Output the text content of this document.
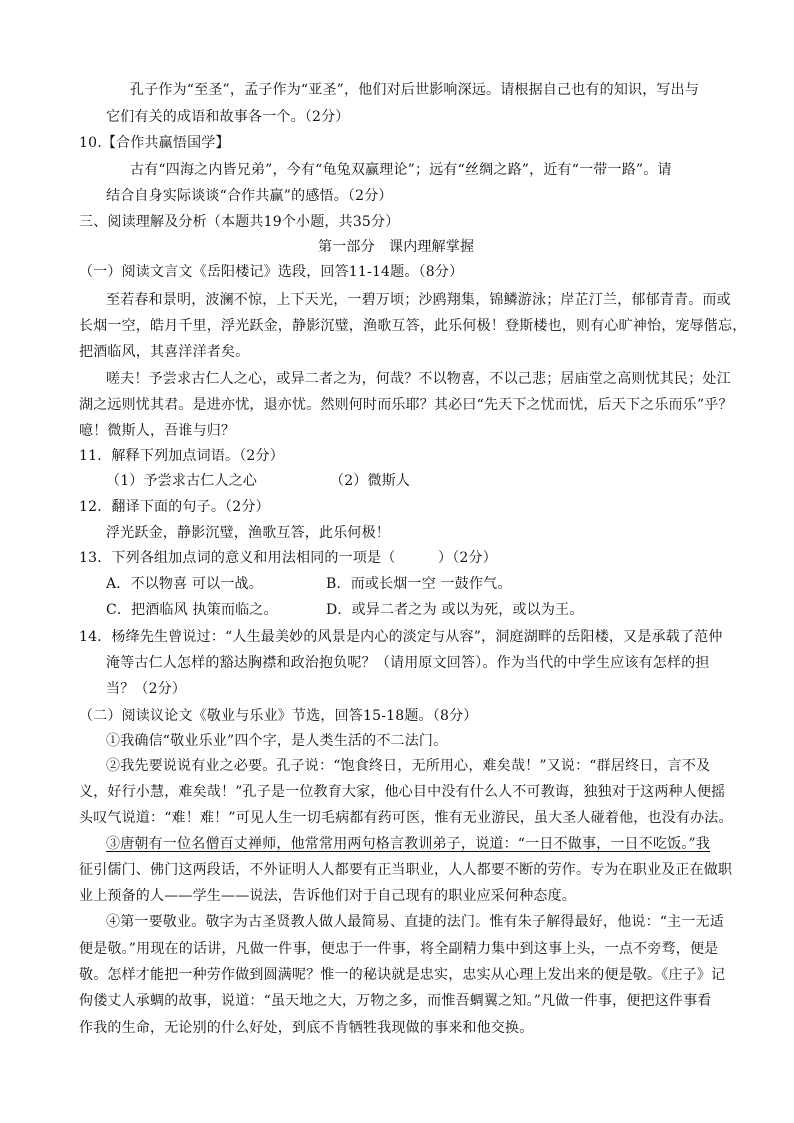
孔子作为“至圣”，孟子作为“亚圣”，他们对后世影响深远。请根据自己也有的知识，写出与
它们有关的成语和故事各一个。（2分）
10.【合作共赢悟国学】
古有“四海之内皆兄弟”，今有“龟兔双赢理论”；远有“丝绸之路”，近有“一带一路”。请
结合自身实际谈谈“合作共赢”的感悟。（2分）
三、阅读理解及分析（本题共19个小题，共35分）
第一部分　课内理解掌握
（一）阅读文言文《岳阳楼记》选段，回答11-14题。（8分）
至若春和景明，波澜不惊，上下天光，一碧万顷；沙鸥翔集，锦鳞游泳；岸芷汀兰，郁郁青青。而或
长烟一空，皓月千里，浮光跃金，静影沉璧，渔歌互答，此乐何极！登斯楼也，则有心旷神怡，宠辱偕忘，
把酒临风，其喜洋洋者矣。
嗟夫！予尝求古仁人之心，或异二者之为，何哉？不以物喜，不以己悲；居庙堂之高则忧其民；处江
湖之远则忧其君。是进亦忧，退亦忧。然则何时而乐耶？其必曰“先天下之忧而忧，后天下之乐而乐”乎？
噫！微斯人，吾谁与归？
11．解释下列加点词语。（2分）
（1）予尝求古仁人之心	（2）微斯人
12．翻译下面的句子。（2分）
浮光跃金，静影沉璧，渔歌互答，此乐何极！
13．下列各组加点词的意义和用法相同的一项是（　　　）（2分）
A．不以物喜 可以一战。	B．而或长烟一空 一鼓作气。
C．把酒临风 执策而临之。	D．或异二者之为 或以为死，或以为王。
14．杨绛先生曾说过：“人生最美妙的风景是内心的淡定与从容”，洞庭湖畔的岳阳楼，又是承载了范仲
淹等古仁人怎样的豁达胸襟和政治抱负呢？（请用原文回答）。作为当代的中学生应该有怎样的担
当？（2分）
（二）阅读议论文《敬业与乐业》节选，回答15-18题。（8分）
①我确信“敬业乐业”四个字，是人类生活的不二法门。
②我先要说说有业之必要。孔子说：“饱食终日，无所用心，难矣哉！”又说：“群居终日，言不及
义，好行小慧，难矣哉！”孔子是一位教育大家，他心目中没有什么人不可教诲，独独对于这两种人便摇
头叹气说道：“难！难！”可见人生一切毛病都有药可医，惟有无业游民，虽大圣人碰着他，也没有办法。
③唐朝有一位名僧百丈禅师，他常常用两句格言教训弟子，说道：“一日不做事，一日不吃饭。”我
征引儒门、佛门这两段话，不外证明人人都要有正当职业，人人都要不断的劳作。专为在职业及正在做职
业上预备的人——学生——说法，告诉他们对于自己现有的职业应采何种态度。
④第一要敬业。敬字为古圣贤教人做人最简易、直捷的法门。惟有朱子解得最好，他说：“主一无适
便是敬。”用现在的话讲，凡做一件事，便忠于一件事，将全副精力集中到这事上头，一点不旁骛，便是
敬。怎样才能把一种劳作做到圆满呢？惟一的秘诀就是忠实，忠实从心理上发出来的便是敬。《庄子》记
佝偻丈人承蜩的故事，说道：“虽天地之大，万物之多，而惟吾蜩翼之知。”凡做一件事，便把这件事看
作我的生命，无论别的什么好处，到底不肯牺牲我现做的事来和他交换。
